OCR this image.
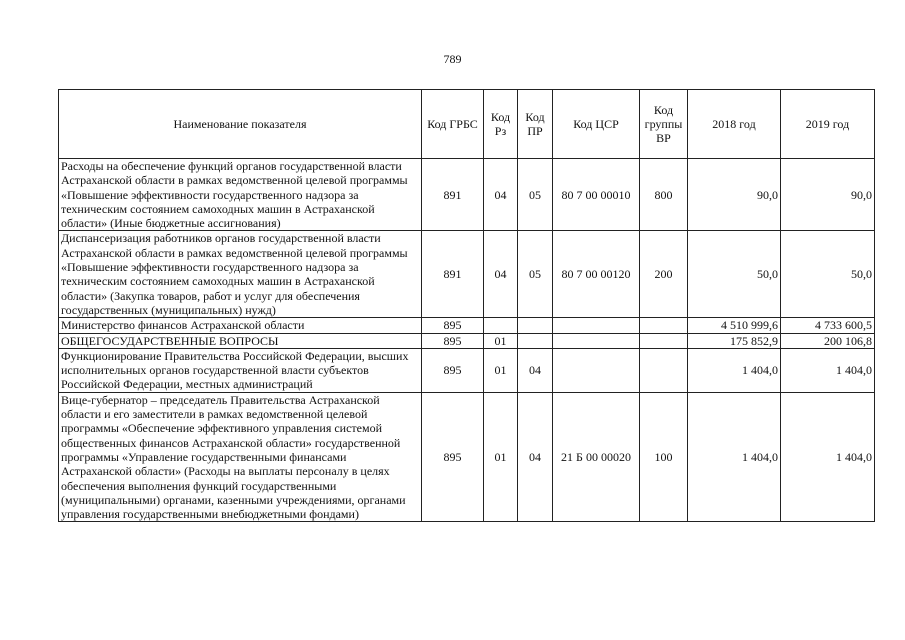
789
Наименование показателя	Код ГРБС	Код Рз	Код ПР	Код ЦСР	Код группы ВР	2018 год	2019 год
Расходы на обеспечение функций органов государственной власти Астраханской области в рамках ведомственной целевой программы «Повышение эффективности государственного надзора за техническим состоянием самоходных машин в Астраханской области» (Иные бюджетные ассигнования)	891	04	05	80 7 00 00010	800	90,0	90,0
Диспансеризация работников органов государственной власти Астраханской области в рамках ведомственной целевой программы «Повышение эффективности государственного надзора за техническим состоянием самоходных машин в Астраханской области» (Закупка товаров, работ и услуг для обеспечения государственных (муниципальных) нужд)	891	04	05	80 7 00 00120	200	50,0	50,0
Министерство финансов Астраханской области	895					4 510 999,6	4 733 600,5
ОБЩЕГОСУДАРСТВЕННЫЕ ВОПРОСЫ	895	01				175 852,9	200 106,8
Функционирование Правительства Российской Федерации, высших исполнительных органов государственной власти субъектов Российской Федерации, местных администраций	895	01	04			1 404,0	1 404,0
Вице-губернатор – председатель Правительства Астраханской области и его заместители в рамках ведомственной целевой программы «Обеспечение эффективного управления системой общественных финансов Астраханской области» государственной программы «Управление государственными финансами Астраханской области» (Расходы на выплаты персоналу в целях обеспечения выполнения функций государственными (муниципальными) органами, казенными учреждениями, органами управления государственными внебюджетными фондами)	895	01	04	21 Б 00 00020	100	1 404,0	1 404,0
